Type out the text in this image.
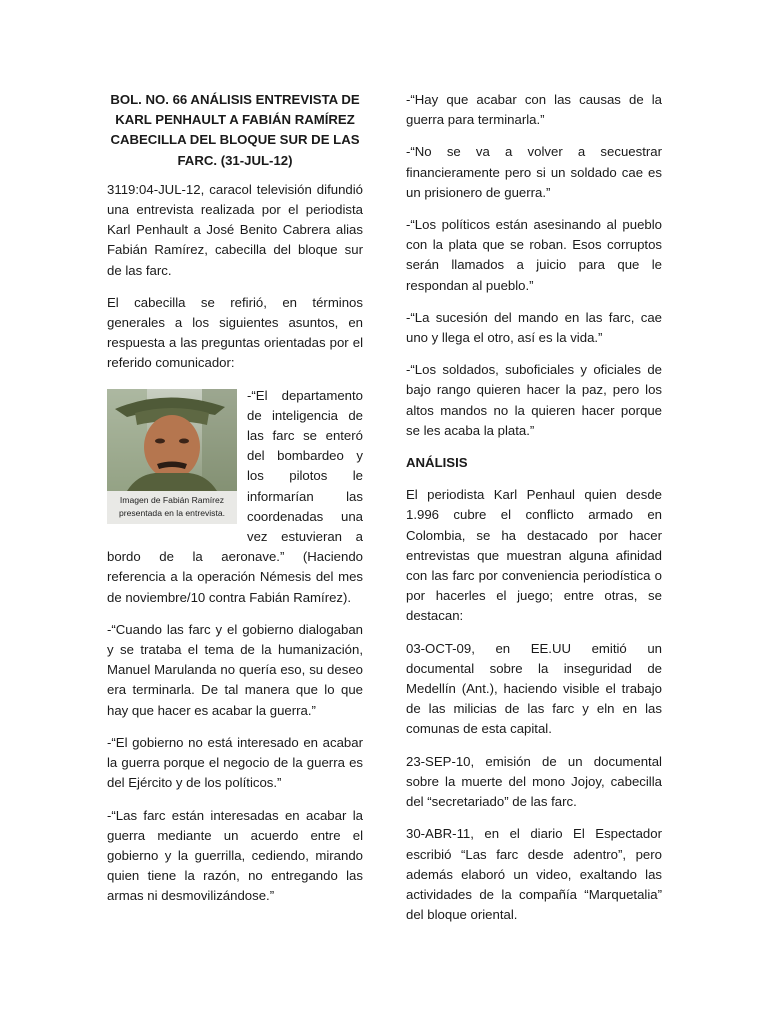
BOL. NO. 66 ANÁLISIS ENTREVISTA DE KARL PENHAULT A FABIÁN RAMÍREZ CABECILLA DEL BLOQUE SUR DE LAS FARC. (31-JUL-12)

3119:04-JUL-12, caracol televisión difundió una entrevista realizada por el periodista Karl Penhault a José Benito Cabrera alias Fabián Ramírez, cabecilla del bloque sur de las farc.

El cabecilla se refirió, en términos generales a los siguientes asuntos, en respuesta a las preguntas orientadas por el referido comunicador:

Imagen de Fabián Ramírez presentada en la entrevista.

-“El departamento de inteligencia de las farc se enteró del bombardeo y los pilotos le informarían las coordenadas una vez estuvieran a bordo de la aeronave.” (Haciendo referencia a la operación Némesis del mes de noviembre/10 contra Fabián Ramírez).

-“Cuando las farc y el gobierno dialogaban y se trataba el tema de la humanización, Manuel Marulanda no quería eso, su deseo era terminarla. De tal manera que lo que hay que hacer es acabar la guerra.”

-“El gobierno no está interesado en acabar la guerra porque el negocio de la guerra es del Ejército y de los políticos.”

-“Las farc están interesadas en acabar la guerra mediante un acuerdo entre el gobierno y la guerrilla, cediendo, mirando quien tiene la razón, no entregando las armas ni desmovilizándose.”

-“Hay que acabar con las causas de la guerra para terminarla.”

-“No se va a volver a secuestrar financieramente pero si un soldado cae es un prisionero de guerra.”

-“Los políticos están asesinando al pueblo con la plata que se roban. Esos corruptos serán llamados a juicio para que le respondan al pueblo.”

-“La sucesión del mando en las farc, cae uno y llega el otro, así es la vida.”

-“Los soldados, suboficiales y oficiales de bajo rango quieren hacer la paz, pero los altos mandos no la quieren hacer porque se les acaba la plata.”

ANÁLISIS

El periodista Karl Penhaul quien desde 1.996 cubre el conflicto armado en Colombia, se ha destacado por hacer entrevistas que muestran alguna afinidad con las farc por conveniencia periodística o por hacerles el juego; entre otras, se destacan:

03-OCT-09, en EE.UU emitió un documental sobre la inseguridad de Medellín (Ant.), haciendo visible el trabajo de las milicias de las farc y eln en las comunas de esta capital.

23-SEP-10, emisión de un documental sobre la muerte del mono Jojoy, cabecilla del “secretariado” de las farc.

30-ABR-11, en el diario El Espectador escribió “Las farc desde adentro”, pero además elaboró un video, exaltando las actividades de la compañía “Marquetalia” del bloque oriental.
